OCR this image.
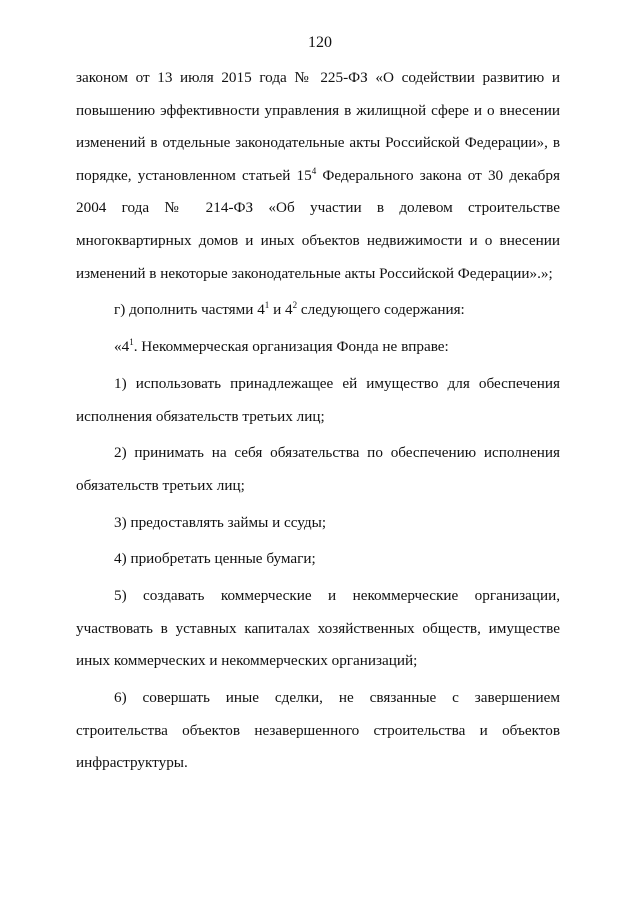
120
законом от 13 июля 2015 года № 225-ФЗ «О содействии развитию и
повышению эффективности управления в жилищной сфере и о внесении
изменений в отдельные законодательные акты Российской Федерации», в
порядке, установленном статьей $15^4$ Федерального закона от 30 декабря
2004 года № 214-ФЗ «Об участии в долевом строительстве
многоквартирных домов и иных объектов недвижимости и о внесении
изменений в некоторые законодательные акты Российской Федерации».»;
г) дополнить частями $4^1$ и $4^2$ следующего содержания:
«$4^1$. Некоммерческая организация Фонда не вправе:
1) использовать принадлежащее ей имущество для обеспечения
исполнения обязательств третьих лиц;
2) принимать на себя обязательства по обеспечению исполнения
обязательств третьих лиц;
3) предоставлять займы и ссуды;
4) приобретать ценные бумаги;
5) создавать коммерческие и некоммерческие организации,
участвовать в уставных капиталах хозяйственных обществ, имуществе
иных коммерческих и некоммерческих организаций;
6) совершать иные сделки, не связанные с завершением
строительства объектов незавершенного строительства и объектов
инфраструктуры.
